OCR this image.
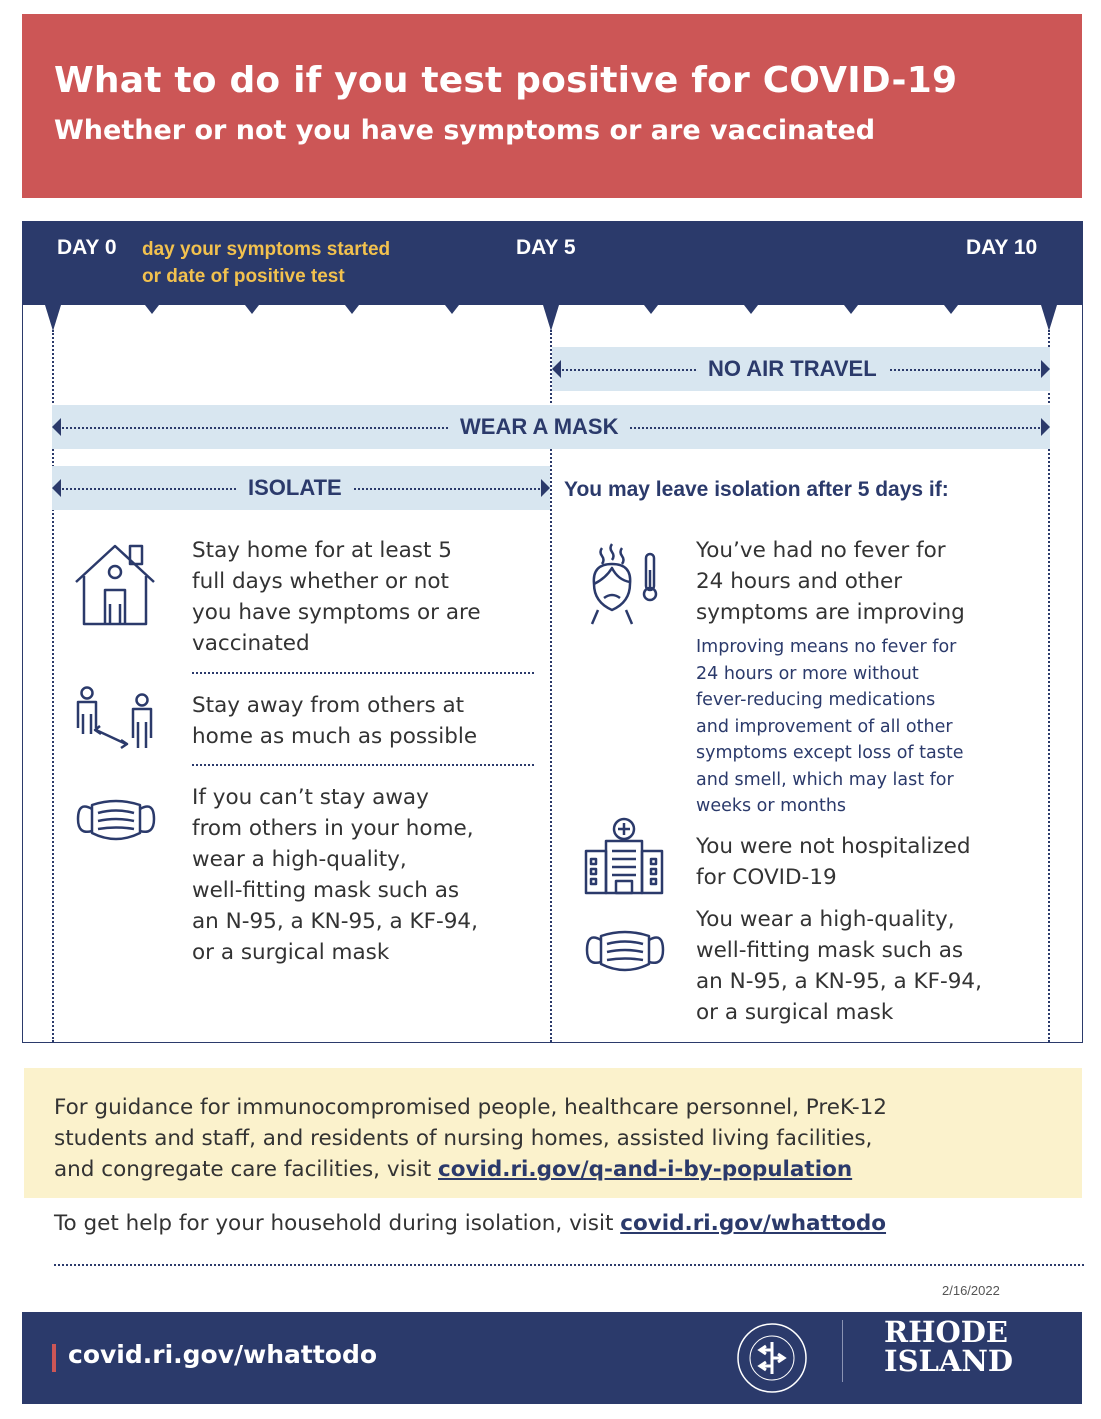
What to do if you test positive for COVID-19
Whether or not you have symptoms or are vaccinated
DAY 0 day your symptoms started
or date of positive test
DAY 5	DAY 10
NO AIR TRAVEL
WEAR A MASK
ISOLATE	You may leave isolation after 5 days if:
Stay home for at least 5
full days whether or not
you have symptoms or are
vaccinated
Stay away from others at
home as much as possible
If you can’t stay away
from others in your home,
wear a high-quality,
well-fitting mask such as
an N-95, a KN-95, a KF-94,
or a surgical mask
You’ve had no fever for
24 hours and other
symptoms are improving
Improving means no fever for
24 hours or more without
fever-reducing medications
and improvement of all other
symptoms except loss of taste
and smell, which may last for
weeks or months
You were not hospitalized
for COVID-19
You wear a high-quality,
well-fitting mask such as
an N-95, a KN-95, a KF-94,
or a surgical mask
For guidance for immunocompromised people, healthcare personnel, PreK-12
students and staff, and residents of nursing homes, assisted living facilities,
and congregate care facilities, visit covid.ri.gov/q-and-i-by-population
To get help for your household during isolation, visit covid.ri.gov/whattodo
2/16/2022
covid.ri.gov/whattodo
RHODE
ISLAND
